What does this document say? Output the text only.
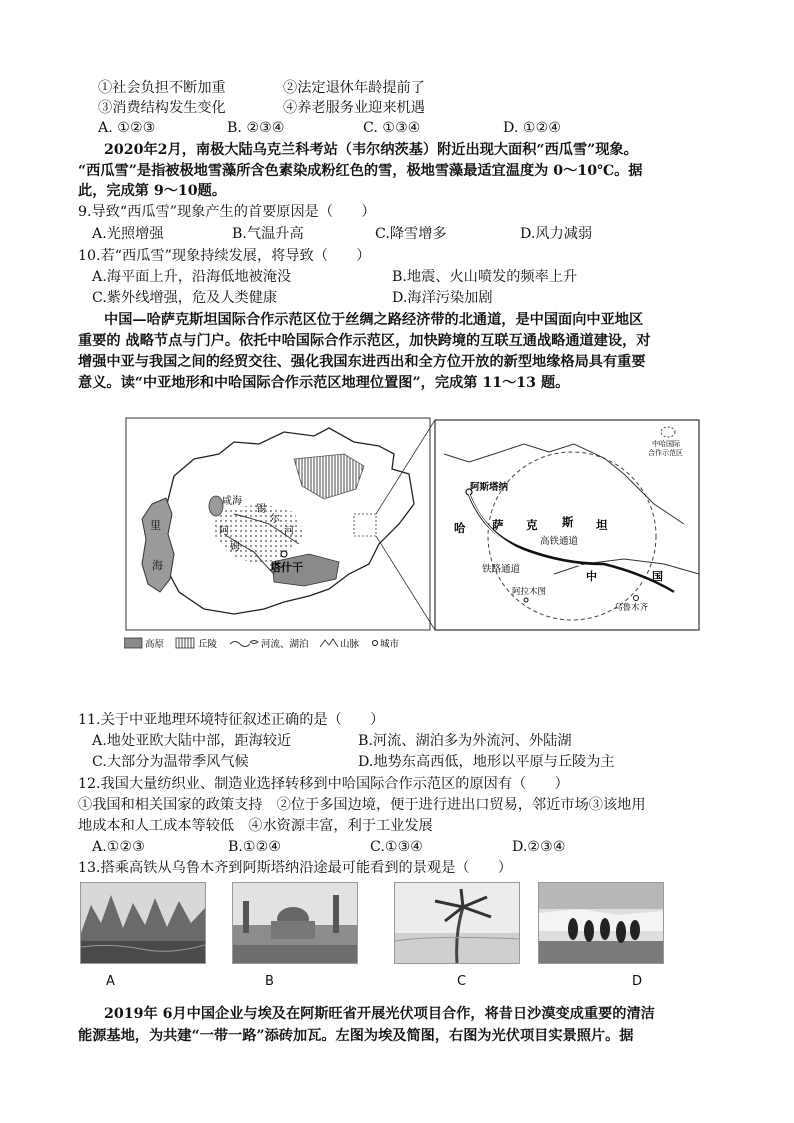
①社会负担不断加重	②法定退休年龄提前了
③消费结构发生变化	④养老服务业迎来机遇
A. ①②③	B. ②③④	C. ①③④	D. ①②④
2020年2月，南极大陆乌克兰科考站（韦尔纳茨基）附近出现大面积“西瓜雪”现象。
“西瓜雪”是指被极地雪藻所含色素染成粉红色的雪，极地雪藻最适宜温度为 0～10℃。据
此，完成第 9～10题。
9.导致“西瓜雪”现象产生的首要原因是（　　）
A.光照增强	B.气温升高	C.降雪增多	D.风力减弱
10.若“西瓜雪”现象持续发展，将导致（　　）
A.海平面上升，沿海低地被淹没	B.地震、火山喷发的频率上升
C.紫外线增强，危及人类健康	D.海洋污染加剧
中国—哈萨克斯坦国际合作示范区位于丝绸之路经济带的北通道，是中国面向中亚地区
重要的 战略节点与门户。依托中哈国际合作示范区，加快跨境的互联互通战略通道建设，对
增强中亚与我国之间的经贸交往、强化我国东进西出和全方位开放的新型地缘格局具有重要
意义。读“中亚地形和中哈国际合作示范区地理位置图”，完成第 11～13 题。
里
海
咸海
锡
尔
河
阿
姆
塔什干
中哈国际
合作示范区
阿斯塔纳
哈 萨 克 斯 坦
高铁通道
铁路通道
阿拉木图
中	国
乌鲁木齐
高原	丘陵	河流、湖泊	山脉 城市
11.关于中亚地理环境特征叙述正确的是（　　）
A.地处亚欧大陆中部，距海较近	B.河流、湖泊多为外流河、外陆湖
C.大部分为温带季风气候	D.地势东高西低，地形以平原与丘陵为主
12.我国大量纺织业、制造业选择转移到中哈国际合作示范区的原因有（　　）
①我国和相关国家的政策支持　②位于多国边境，便于进行进出口贸易，邻近市场③该地用
地成本和人工成本等较低　④水资源丰富，利于工业发展
A.①②③	B.①②④	C.①③④	D.②③④
13.搭乘高铁从乌鲁木齐到阿斯塔纳沿途最可能看到的景观是（　　）
A	B	C	D
2019年 6月中国企业与埃及在阿斯旺省开展光伏项目合作，将昔日沙漠变成重要的清洁
能源基地，为共建“一带一路”添砖加瓦。左图为埃及简图，右图为光伏项目实景照片。据
